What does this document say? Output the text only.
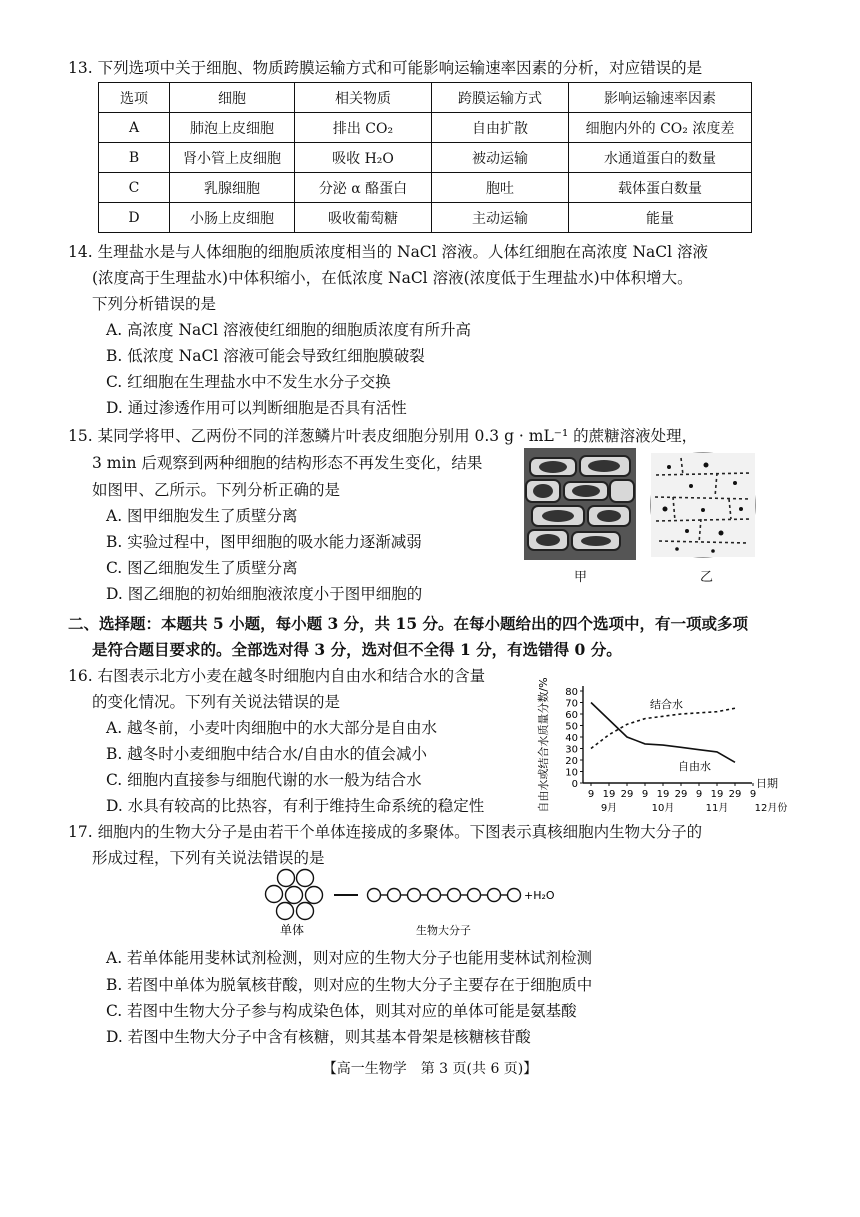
13. 下列选项中关于细胞、物质跨膜运输方式和可能影响运输速率因素的分析，对应错误的是
选项	细胞	相关物质	跨膜运输方式	影响运输速率因素
A	肺泡上皮细胞	排出 CO₂	自由扩散	细胞内外的 CO₂ 浓度差
B	肾小管上皮细胞	吸收 H₂O	被动运输	水通道蛋白的数量
C	乳腺细胞	分泌 α 酪蛋白	胞吐	载体蛋白数量
D	小肠上皮细胞	吸收葡萄糖	主动运输	能量
14. 生理盐水是与人体细胞的细胞质浓度相当的 NaCl 溶液。人体红细胞在高浓度 NaCl 溶液
(浓度高于生理盐水)中体积缩小，在低浓度 NaCl 溶液(浓度低于生理盐水)中体积增大。
下列分析错误的是
A. 高浓度 NaCl 溶液使红细胞的细胞质浓度有所升高
B. 低浓度 NaCl 溶液可能会导致红细胞膜破裂
C. 红细胞在生理盐水中不发生水分子交换
D. 通过渗透作用可以判断细胞是否具有活性
15. 某同学将甲、乙两份不同的洋葱鳞片叶表皮细胞分别用 0.3 g · mL⁻¹ 的蔗糖溶液处理，
3 min 后观察到两种细胞的结构形态不再发生变化，结果
如图甲、乙所示。下列分析正确的是
A. 图甲细胞发生了质壁分离
B. 实验过程中，图甲细胞的吸水能力逐渐减弱
C. 图乙细胞发生了质壁分离
D. 图乙细胞的初始细胞液浓度小于图甲细胞的
甲	乙
二、选择题：本题共 5 小题，每小题 3 分，共 15 分。在每小题给出的四个选项中，有一项或多项
是符合题目要求的。全部选对得 3 分，选对但不全得 1 分，有选错得 0 分。
16. 右图表示北方小麦在越冬时细胞内自由水和结合水的含量
的变化情况。下列有关说法错误的是
A. 越冬前，小麦叶肉细胞中的水大部分是自由水
B. 越冬时小麦细胞中结合水/自由水的值会减小
C. 细胞内直接参与细胞代谢的水一般为结合水
D. 水具有较高的比热容，有利于维持生命系统的稳定性	自由水或结合水质量分数/% 0
10
20
30
40
50
60
70
80
9 19 29 9 19 29 9 19 29 9
9月	10月	11月	12月份
日期
结合水
自由水
17. 细胞内的生物大分子是由若干个单体连接成的多聚体。下图表示真核细胞内生物大分子的
形成过程，下列有关说法错误的是
+H₂O
单体	生物大分子
A. 若单体能用斐林试剂检测，则对应的生物大分子也能用斐林试剂检测
B. 若图中单体为脱氧核苷酸，则对应的生物大分子主要存在于细胞质中
C. 若图中生物大分子参与构成染色体，则其对应的单体可能是氨基酸
D. 若图中生物大分子中含有核糖，则其基本骨架是核糖核苷酸
【高一生物学　第 3 页(共 6 页)】
